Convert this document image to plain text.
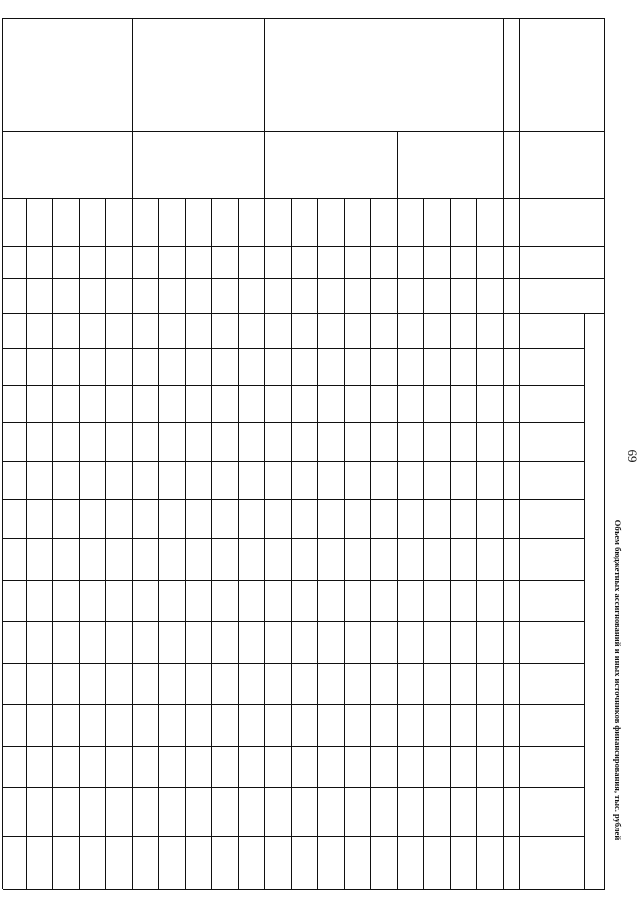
69
Объем бюджетных ассигнований и иных источников финансирования, тыс. рублей
